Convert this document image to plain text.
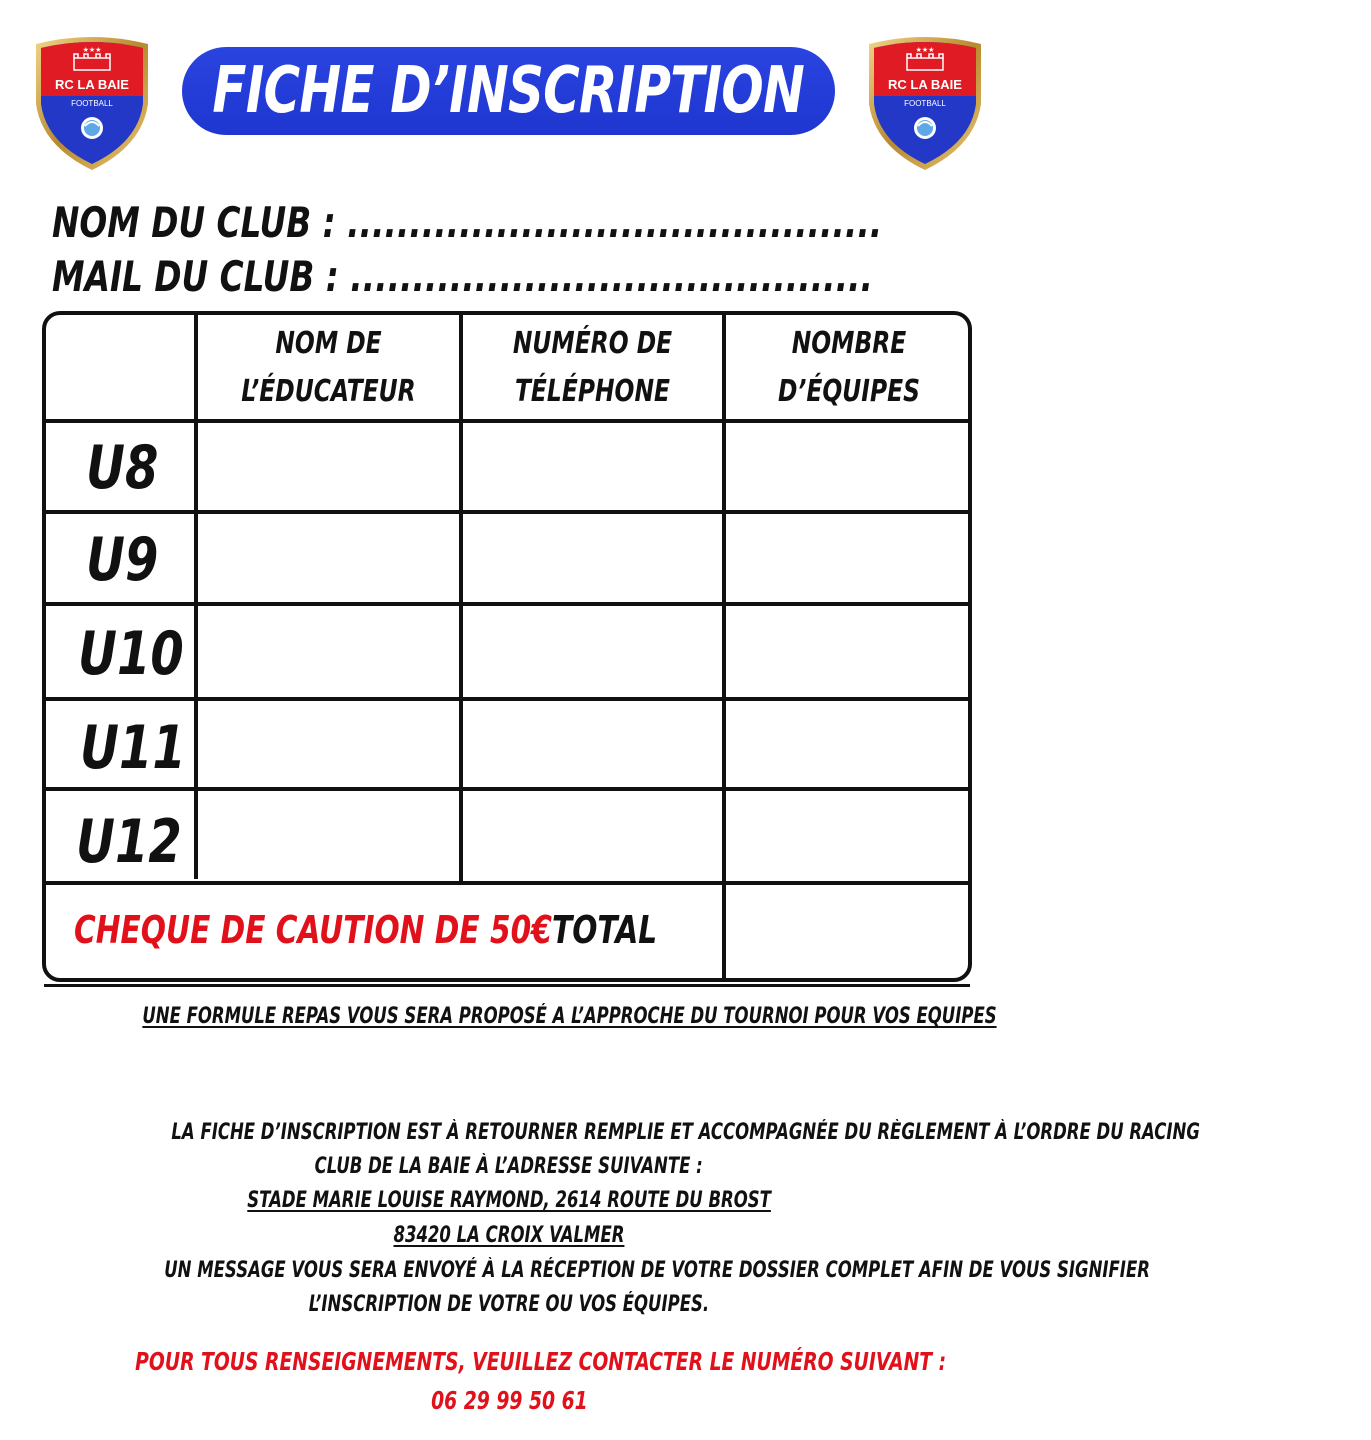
★★★
RC LA BAIE
FOOTBALL
★★★
RC LA BAIE
FOOTBALL
FICHE D’INSCRIPTION
NOM DU CLUB : ...........................................
MAIL DU CLUB : ..........................................
NOM DE
L’ÉDUCATEUR
NUMÉRO DE
TÉLÉPHONE
NOMBRE
D’ÉQUIPES
U8
U9
U10
U11
U12
CHEQUE DE CAUTION DE 50€ TOTAL
UNE FORMULE REPAS VOUS SERA PROPOSÉ A L’APPROCHE DU TOURNOI POUR VOS EQUIPES
LA FICHE D’INSCRIPTION EST À RETOURNER REMPLIE ET ACCOMPAGNÉE DU RÈGLEMENT À L’ORDRE DU RACING
CLUB DE LA BAIE À L’ADRESSE SUIVANTE :
STADE MARIE LOUISE RAYMOND, 2614 ROUTE DU BROST
83420 LA CROIX VALMER
UN MESSAGE VOUS SERA ENVOYÉ À LA RÉCEPTION DE VOTRE DOSSIER COMPLET AFIN DE VOUS SIGNIFIER
L’INSCRIPTION DE VOTRE OU VOS ÉQUIPES.
POUR TOUS RENSEIGNEMENTS, VEUILLEZ CONTACTER LE NUMÉRO SUIVANT :
06 29 99 50 61
